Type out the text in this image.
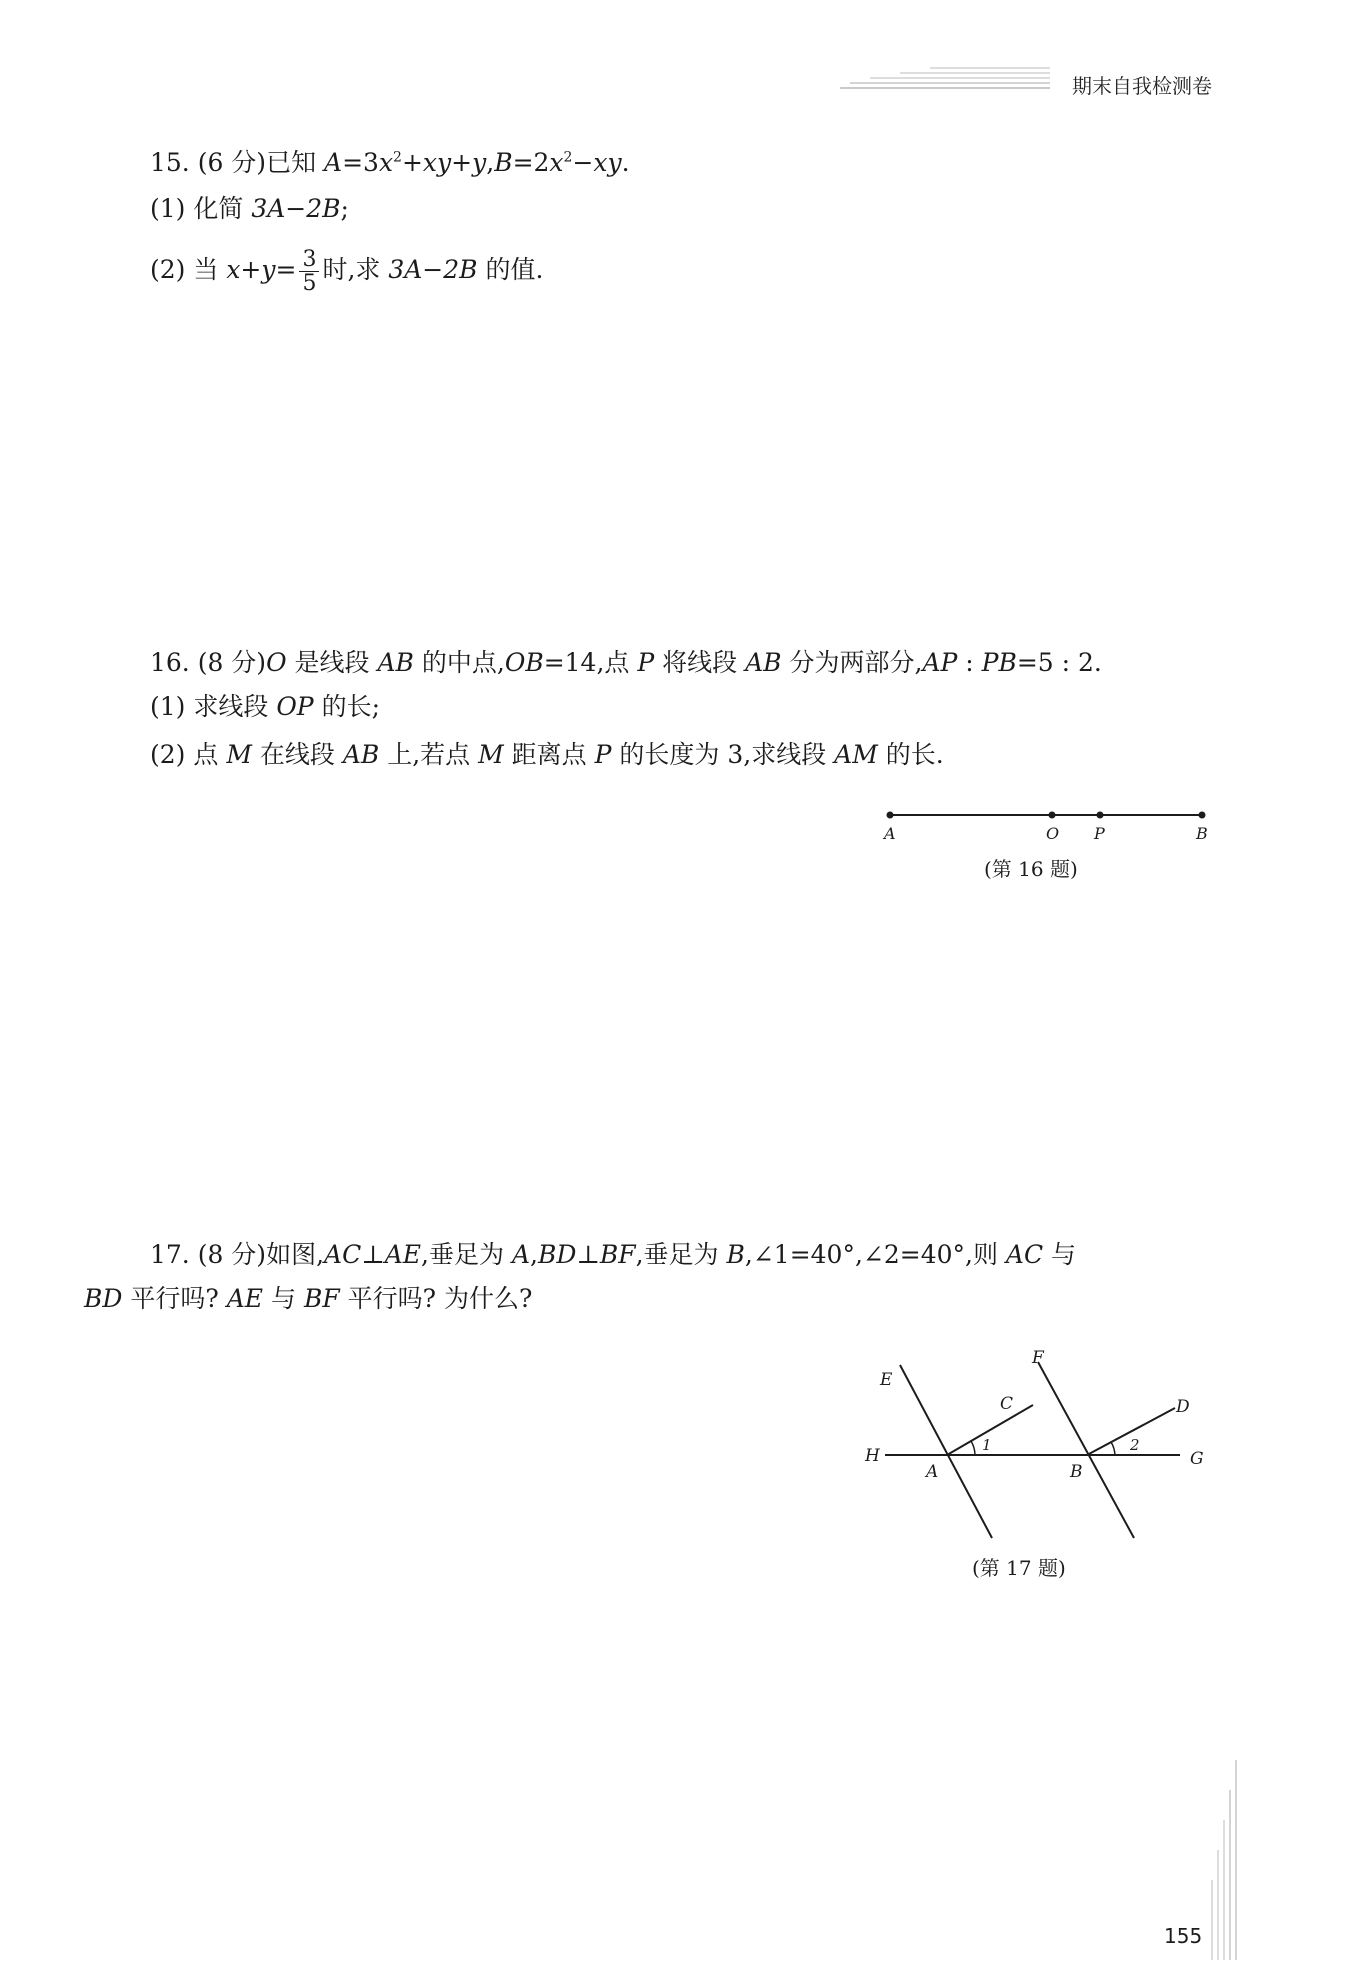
期末自我检测卷
15. (6 分)已知 $A=3x^2+xy+y,B=2x^2-xy$.
(1) 化简 3A−2B;
(2) 当 $x+y= \frac{3}{5}$ 时,求 3A−2B 的值.
16. (8 分)O 是线段 AB 的中点,OB=14,点 P 将线段 AB 分为两部分,AP : PB=5 : 2.
(1) 求线段 OP 的长;
(2) 点 M 在线段 AB 上,若点 M 距离点 P 的长度为 3,求线段 AM 的长.
A	O P	B
(第 16 题)
17. (8 分)如图,AC⊥AE,垂足为 A,BD⊥BF,垂足为 B,∠1=40°,∠2=40°,则 AC 与
BD 平行吗? AE 与 BF 平行吗? 为什么?
E
F
C	D
H	G
A	B
1	2
(第 17 题)
155
